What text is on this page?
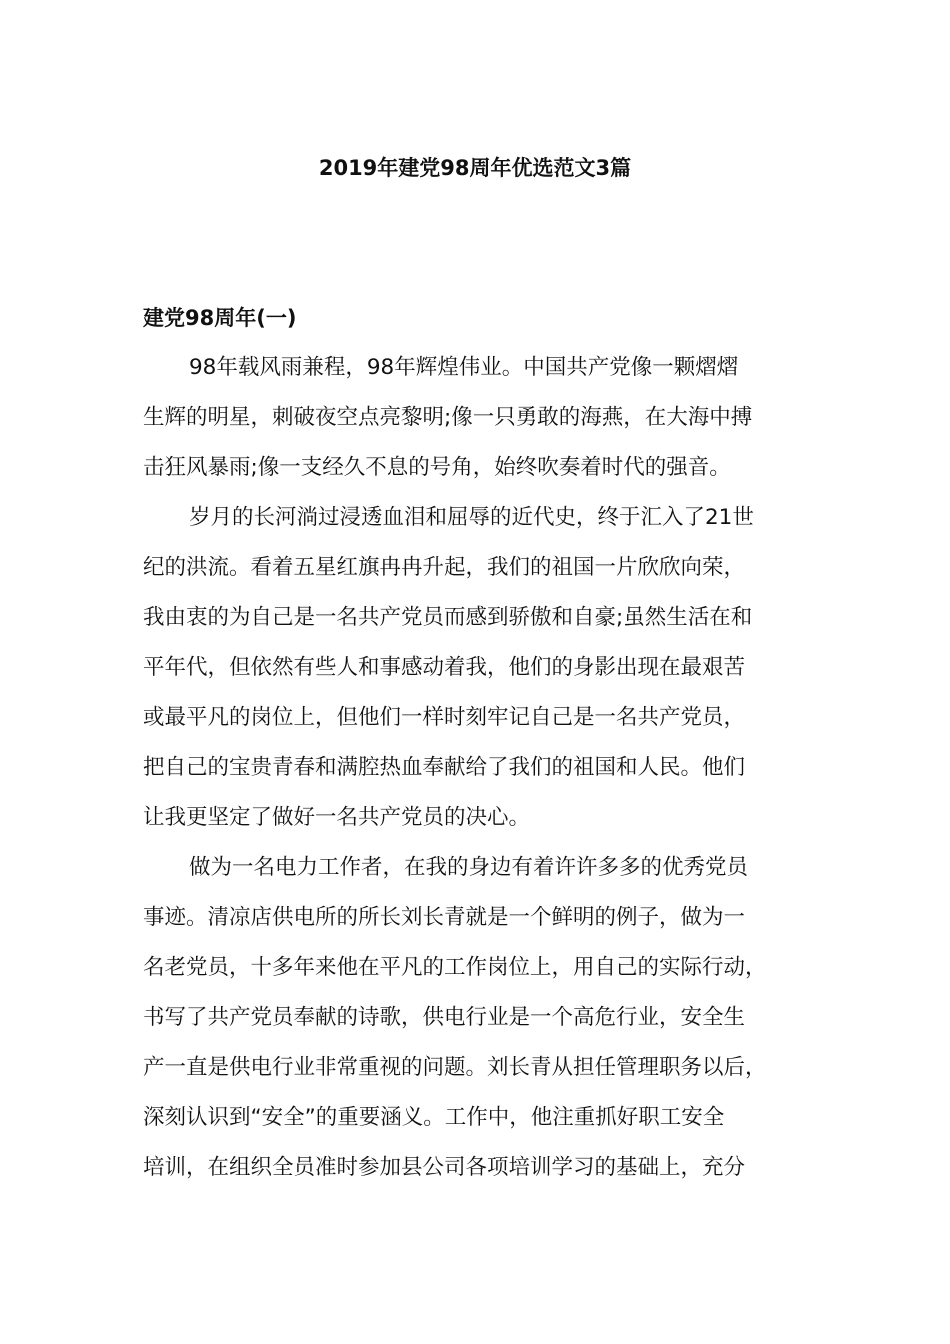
2019年建党98周年优选范文3篇
建党98周年(一)
98年载风雨兼程，98年辉煌伟业。中国共产党像一颗熠熠
生辉的明星，刺破夜空点亮黎明;像一只勇敢的海燕，在大海中搏
击狂风暴雨;像一支经久不息的号角，始终吹奏着时代的强音。
岁月的长河淌过浸透血泪和屈辱的近代史，终于汇入了21世
纪的洪流。看着五星红旗冉冉升起，我们的祖国一片欣欣向荣，
我由衷的为自己是一名共产党员而感到骄傲和自豪;虽然生活在和
平年代，但依然有些人和事感动着我，他们的身影出现在最艰苦
或最平凡的岗位上，但他们一样时刻牢记自己是一名共产党员，
把自己的宝贵青春和满腔热血奉献给了我们的祖国和人民。他们
让我更坚定了做好一名共产党员的决心。
做为一名电力工作者，在我的身边有着许许多多的优秀党员
事迹。清凉店供电所的所长刘长青就是一个鲜明的例子，做为一
名老党员，十多年来他在平凡的工作岗位上，用自己的实际行动，
书写了共产党员奉献的诗歌，供电行业是一个高危行业，安全生
产一直是供电行业非常重视的问题。刘长青从担任管理职务以后，
深刻认识到“安全”的重要涵义。工作中，他注重抓好职工安全
培训，在组织全员准时参加县公司各项培训学习的基础上，充分
